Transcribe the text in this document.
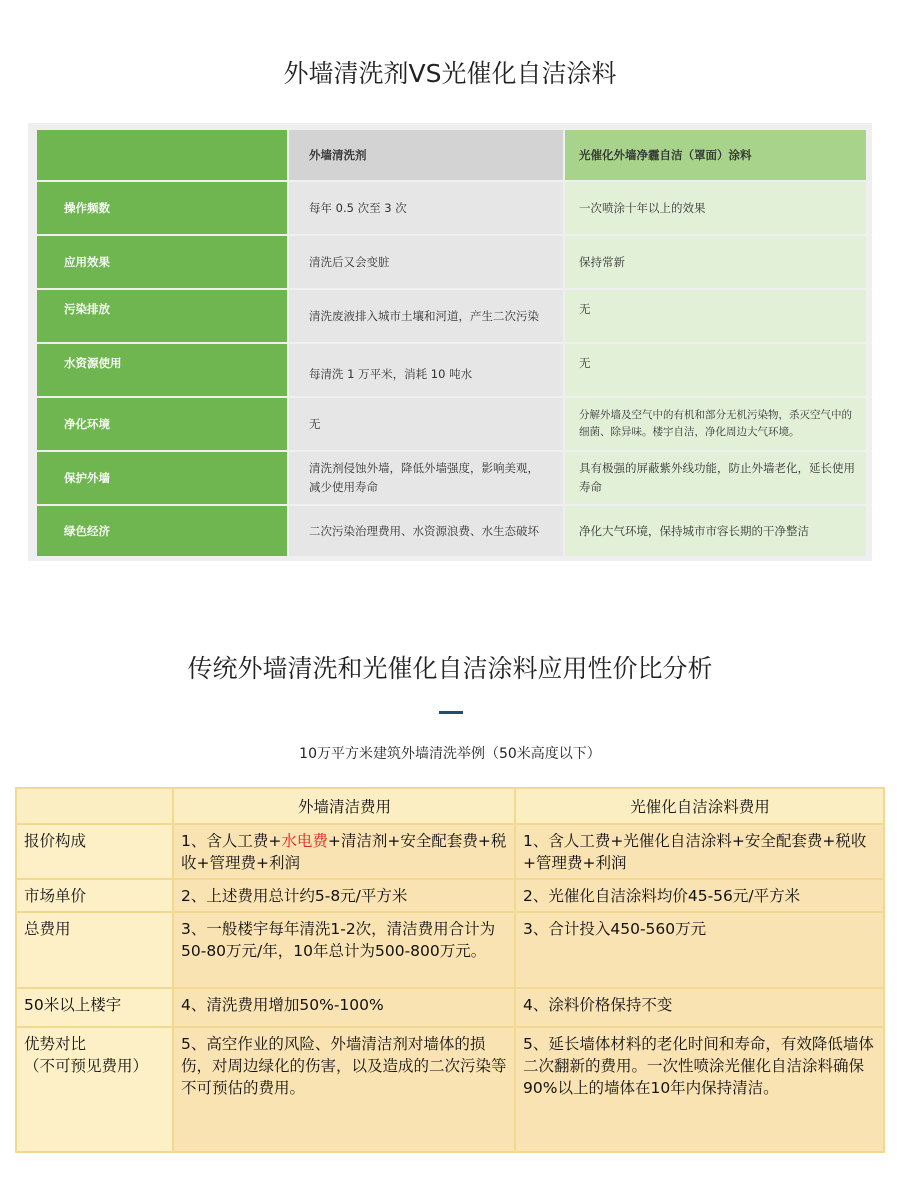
外墙清洗剂VS光催化自洁涂料
	外墙清洗剂	光催化外墙净霾自洁（罩面）涂料
操作频数	每年 0.5 次至 3 次	一次喷涂十年以上的效果
应用效果	清洗后又会变脏	保持常新
污染排放	清洗废液排入城市土壤和河道，产生二次污染	无
水资源使用	每清洗 1 万平米，消耗 10 吨水	无
净化环境	无	分解外墙及空气中的有机和部分无机污染物，杀灭空气中的细菌、除异味。楼宇自洁，净化周边大气环境。
保护外墙	清洗剂侵蚀外墙，降低外墙强度，影响美观，减少使用寿命	具有极强的屏蔽紫外线功能，防止外墙老化，延长使用寿命
绿色经济	二次污染治理费用、水资源浪费、水生态破坏	净化大气环境，保持城市市容长期的干净整洁
传统外墙清洗和光催化自洁涂料应用性价比分析
10万平方米建筑外墙清洗举例（50米高度以下）
	外墙清洁费用	光催化自洁涂料费用
报价构成	1、含人工费+水电费+清洁剂+安全配套费+税收+管理费+利润	1、含人工费+光催化自洁涂料+安全配套费+税收+管理费+利润
市场单价	2、上述费用总计约5-8元/平方米	2、光催化自洁涂料均价45-56元/平方米
总费用	3、一般楼宇每年清洗1-2次，清洁费用合计为50-80万元/年，10年总计为500-800万元。	3、合计投入450-560万元
50米以上楼宇	4、清洗费用增加50%-100%	4、涂料价格保持不变

优势对比
（不可预见费用）	5、高空作业的风险、外墙清洁剂对墙体的损伤，对周边绿化的伤害，以及造成的二次污染等不可预估的费用。	5、延长墙体材料的老化时间和寿命，有效降低墙体二次翻新的费用。一次性喷涂光催化自洁涂料确保90%以上的墙体在10年内保持清洁。
